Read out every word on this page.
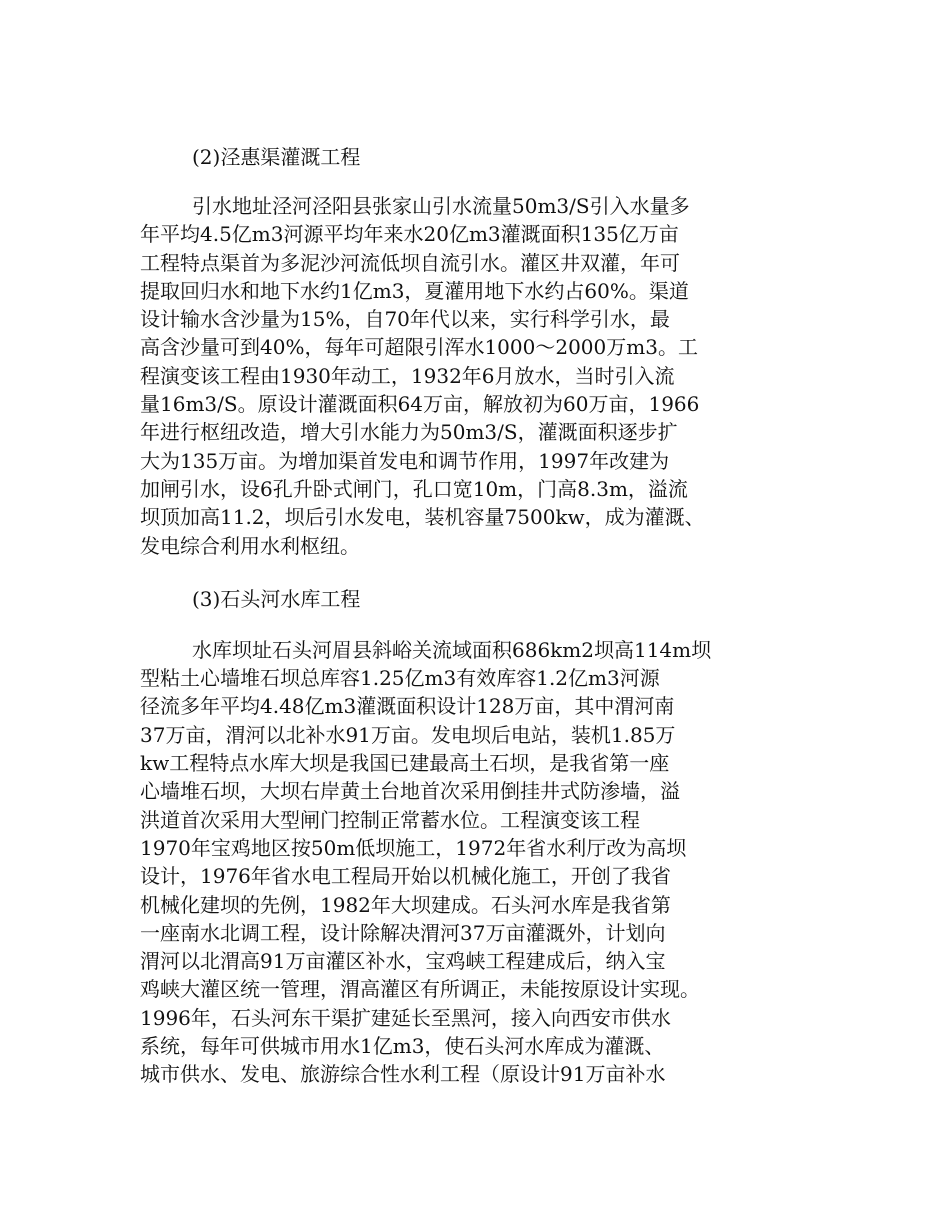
(2)泾惠渠灌溉工程

引水地址泾河泾阳县张家山引水流量50m3/S引入水量多
年平均4.5亿m3河源平均年来水20亿m3灌溉面积135亿万亩
工程特点渠首为多泥沙河流低坝自流引水。灌区井双灌，年可
提取回归水和地下水约1亿m3，夏灌用地下水约占60%。渠道
设计输水含沙量为15%，自70年代以来，实行科学引水，最
高含沙量可到40%，每年可超限引浑水1000～2000万m3。工
程演变该工程由1930年动工，1932年6月放水，当时引入流
量16m3/S。原设计灌溉面积64万亩，解放初为60万亩，1966
年进行枢纽改造，增大引水能力为50m3/S，灌溉面积逐步扩
大为135万亩。为增加渠首发电和调节作用，1997年改建为
加闸引水，设6孔升卧式闸门，孔口宽10m，门高8.3m，溢流
坝顶加高11.2，坝后引水发电，装机容量7500kw，成为灌溉、
发电综合利用水利枢纽。

(3)石头河水库工程

水库坝址石头河眉县斜峪关流域面积686km2坝高114m坝
型粘土心墙堆石坝总库容1.25亿m3有效库容1.2亿m3河源
径流多年平均4.48亿m3灌溉面积设计128万亩，其中渭河南
37万亩，渭河以北补水91万亩。发电坝后电站，装机1.85万
kw工程特点水库大坝是我国已建最高土石坝，是我省第一座
心墙堆石坝，大坝右岸黄土台地首次采用倒挂井式防渗墙，溢
洪道首次采用大型闸门控制正常蓄水位。工程演变该工程
1970年宝鸡地区按50m低坝施工，1972年省水利厅改为高坝
设计，1976年省水电工程局开始以机械化施工，开创了我省
机械化建坝的先例，1982年大坝建成。石头河水库是我省第
一座南水北调工程，设计除解决渭河37万亩灌溉外，计划向
渭河以北渭高91万亩灌区补水，宝鸡峡工程建成后，纳入宝
鸡峡大灌区统一管理，渭高灌区有所调正，未能按原设计实现。
1996年，石头河东干渠扩建延长至黑河，接入向西安市供水
系统，每年可供城市用水1亿m3，使石头河水库成为灌溉、
城市供水、发电、旅游综合性水利工程（原设计91万亩补水
